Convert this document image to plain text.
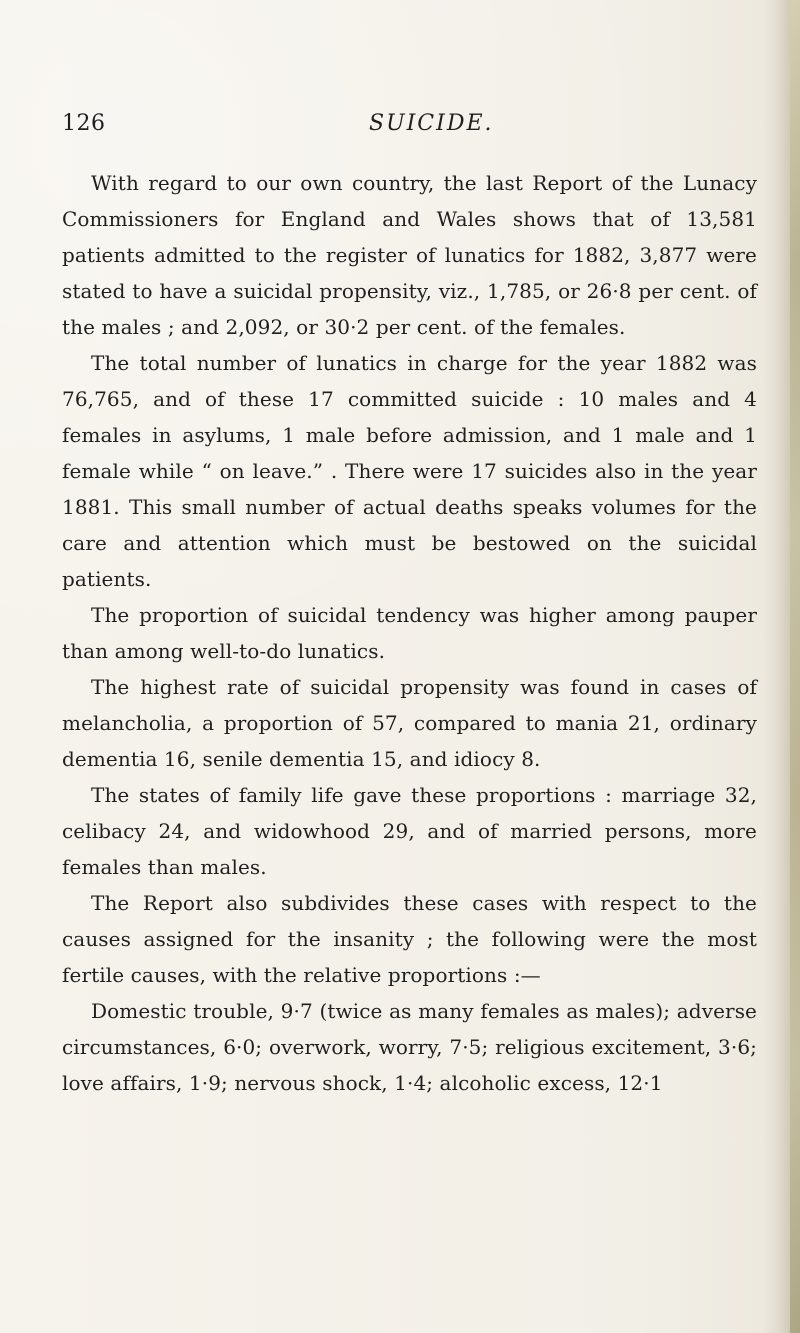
126	SUICIDE.

With regard to our own country, the last Report of the Lunacy Commissioners for England and Wales shows that of 13,581 patients admitted to the register of lunatics for 1882, 3,877 were stated to have a suicidal propensity, viz., 1,785, or 26·8 per cent. of the males ; and 2,092, or 30·2 per cent. of the females.

The total number of lunatics in charge for the year 1882 was 76,765, and of these 17 committed suicide : 10 males and 4 females in asylums, 1 male before admission, and 1 male and 1 female while “ on leave.” . There were 17 suicides also in the year 1881. This small number of actual deaths speaks volumes for the care and attention which must be bestowed on the suicidal patients.

The proportion of suicidal tendency was higher among pauper than among well-to-do lunatics.

The highest rate of suicidal propensity was found in cases of melancholia, a proportion of 57, compared to mania 21, ordinary dementia 16, senile dementia 15, and idiocy 8.

The states of family life gave these proportions : marriage 32, celibacy 24, and widowhood 29, and of married persons, more females than males.

The Report also subdivides these cases with respect to the causes assigned for the insanity ; the following were the most fertile causes, with the relative proportions :—

Domestic trouble, 9·7 (twice as many females as males); adverse circumstances, 6·0; overwork, worry, 7·5; religious excitement, 3·6; love affairs, 1·9; nervous shock, 1·4; alcoholic excess, 12·1
